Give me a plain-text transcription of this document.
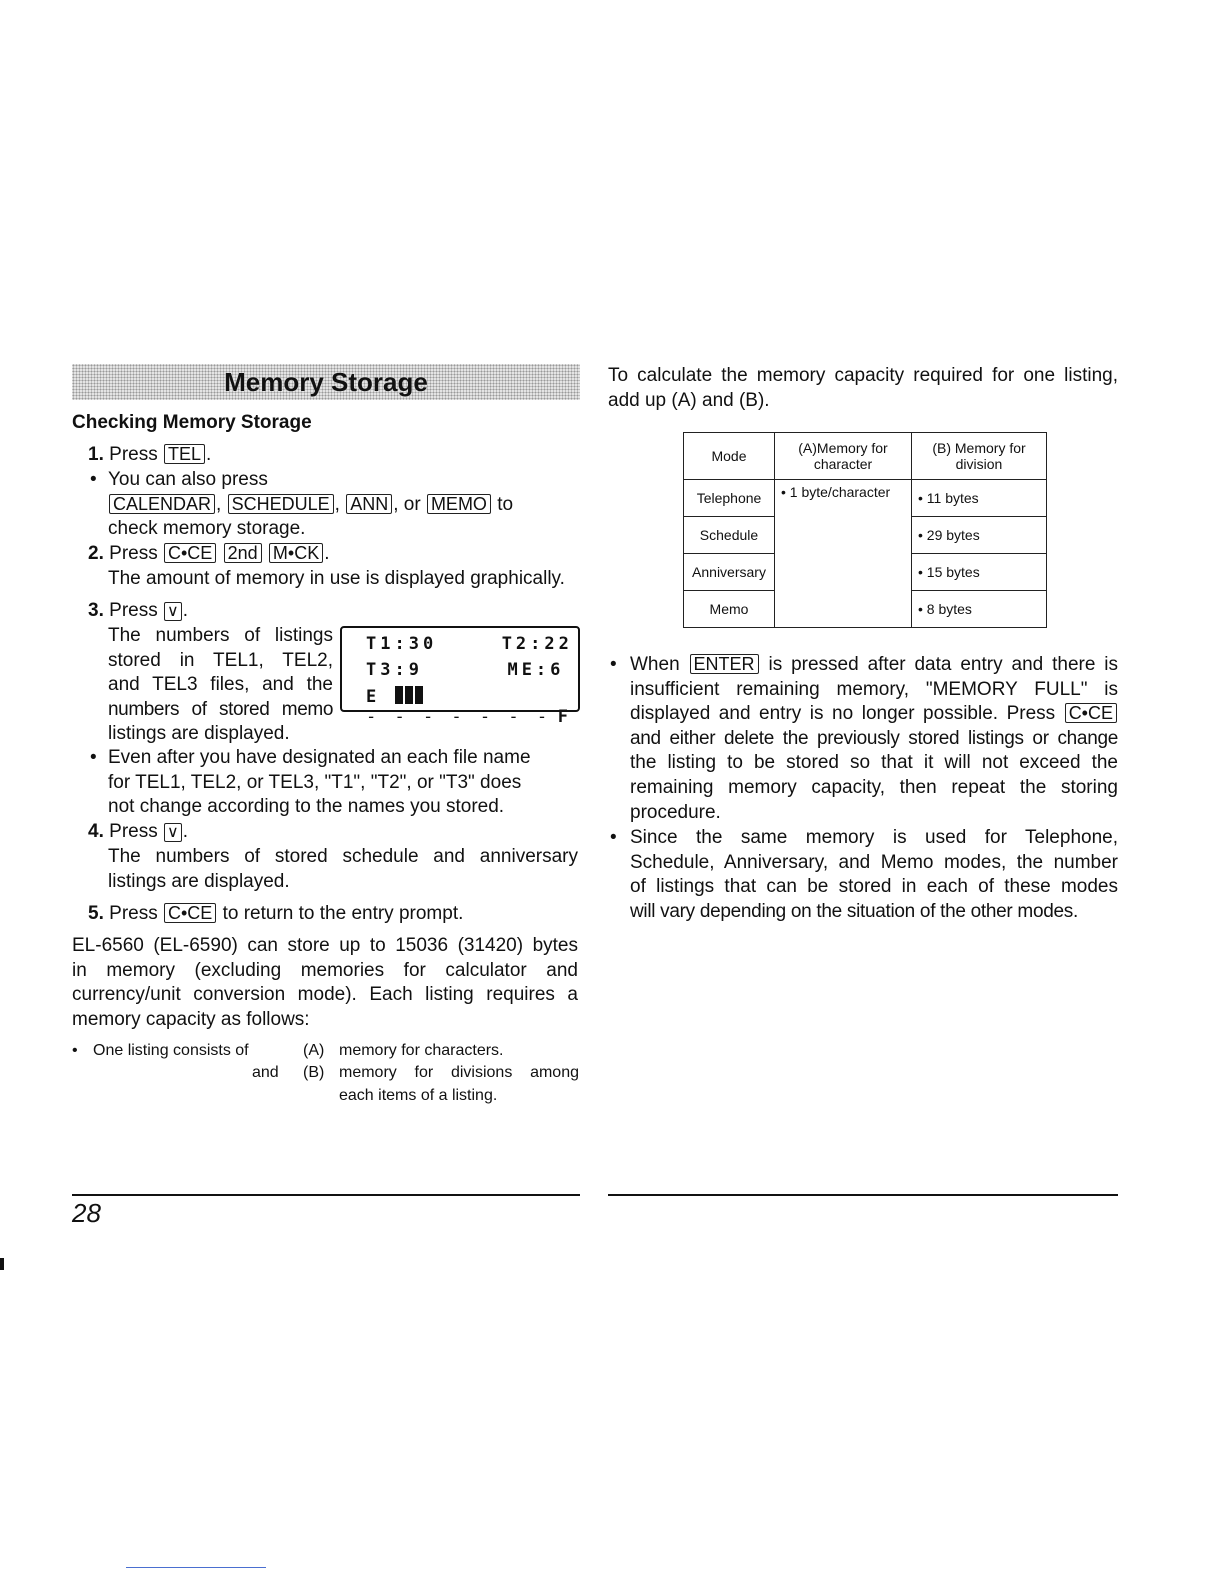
Memory Storage
Checking Memory Storage
1. Press TEL .
• You can also press
CALENDAR , SCHEDULE , ANN , or MEMO to
check memory storage.
2. Press C•CE 2nd M•CK .
The amount of memory in use is displayed graphically.
3. Press ∨ .
The numbers of listings
stored in TEL1, TEL2,
and TEL3 files, and the
numbers of stored memo
listings are displayed.
T1:30	T2:22
T3:9	ME:6
E - - - - - - - F
• Even after you have designated an each file name
for TEL1, TEL2, or TEL3, "T1", "T2", or "T3" does
not change according to the names you stored.
4. Press ∨ .
The numbers of stored schedule and anniversary
listings are displayed.
5. Press C•CE to return to the entry prompt.
EL-6560 (EL-6590) can store up to 15036 (31420) bytes
in memory (excluding memories for calculator and
currency/unit conversion mode). Each listing requires a
memory capacity as follows:
• One listing consists of	(A) memory for characters.
and (B) memory for divisions among
each items of a listing.
To calculate the memory capacity required for one listing,
add up (A) and (B).
Mode	(A)Memory for character	(B) Memory for division
Telephone	• 1 byte/character	• 11 bytes
Schedule		• 29 bytes
Anniversary		• 15 bytes
Memo		• 8 bytes
• When ENTER is pressed after data entry and there is
insufficient remaining memory, "MEMORY FULL" is
displayed and entry is no longer possible. Press C•CE
and either delete the previously stored listings or change
the listing to be stored so that it will not exceed the
remaining memory capacity, then repeat the storing
procedure.
• Since the same memory is used for Telephone,
Schedule, Anniversary, and Memo modes, the number
of listings that can be stored in each of these modes
will vary depending on the situation of the other modes.
28
